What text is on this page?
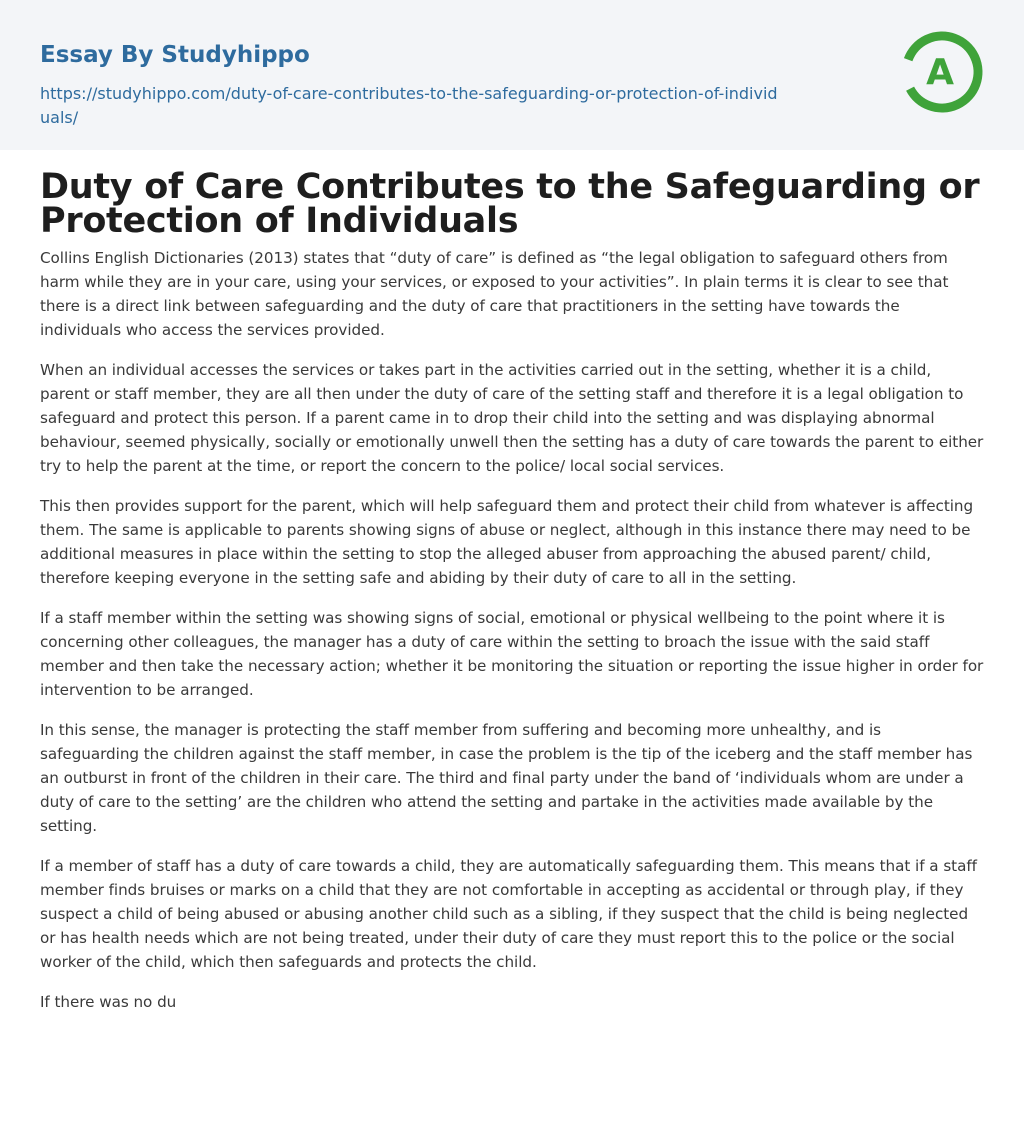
Essay By Studyhippo
https://studyhippo.com/duty-of-care-contributes-to-the-safeguarding-or-protection-of-individuals/
A
Duty of Care Contributes to the Safeguarding or Protection of Individuals

Collins English Dictionaries (2013) states that “duty of care” is defined as “the legal obligation to safeguard others from harm while they are in your care, using your services, or exposed to your activities”. In plain terms it is clear to see that there is a direct link between safeguarding and the duty of care that practitioners in the setting have towards the individuals who access the services provided.

When an individual accesses the services or takes part in the activities carried out in the setting, whether it is a child, parent or staff member, they are all then under the duty of care of the setting staff and therefore it is a legal obligation to safeguard and protect this person. If a parent came in to drop their child into the setting and was displaying abnormal behaviour, seemed physically, socially or emotionally unwell then the setting has a duty of care towards the parent to either try to help the parent at the time, or report the concern to the police/ local social services.

This then provides support for the parent, which will help safeguard them and protect their child from whatever is affecting them. The same is applicable to parents showing signs of abuse or neglect, although in this instance there may need to be additional measures in place within the setting to stop the alleged abuser from approaching the abused parent/ child, therefore keeping everyone in the setting safe and abiding by their duty of care to all in the setting.

If a staff member within the setting was showing signs of social, emotional or physical wellbeing to the point where it is concerning other colleagues, the manager has a duty of care within the setting to broach the issue with the said staff member and then take the necessary action; whether it be monitoring the situation or reporting the issue higher in order for intervention to be arranged.

In this sense, the manager is protecting the staff member from suffering and becoming more unhealthy, and is safeguarding the children against the staff member, in case the problem is the tip of the iceberg and the staff member has an outburst in front of the children in their care. The third and final party under the band of ‘individuals whom are under a duty of care to the setting’ are the children who attend the setting and partake in the activities made available by the setting.

If a member of staff has a duty of care towards a child, they are automatically safeguarding them. This means that if a staff member finds bruises or marks on a child that they are not comfortable in accepting as accidental or through play, if they suspect a child of being abused or abusing another child such as a sibling, if they suspect that the child is being neglected or has health needs which are not being treated, under their duty of care they must report this to the police or the social worker of the child, which then safeguards and protects the child.

If there was no du
